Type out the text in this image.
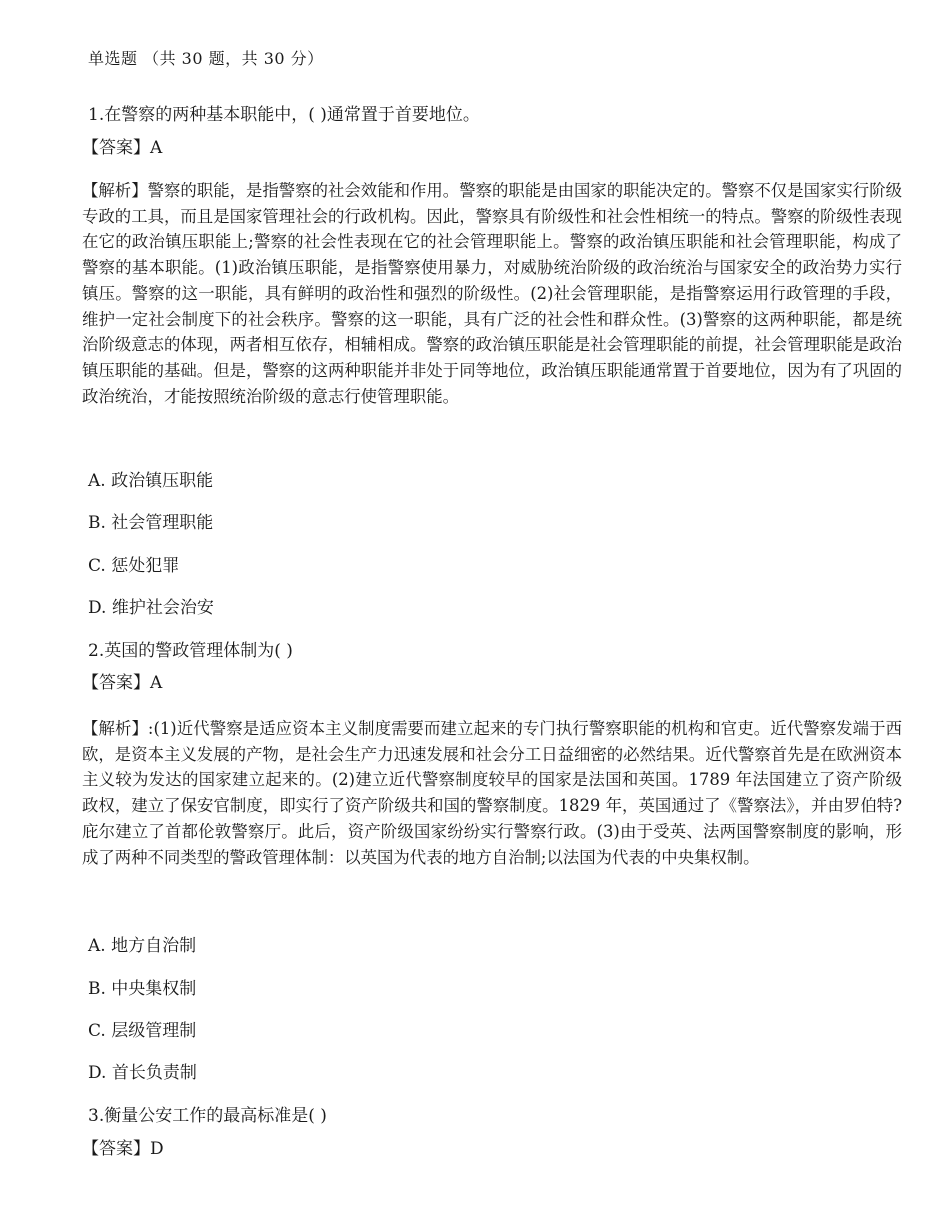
单选题 （共 30 题，共 30 分）

1.在警察的两种基本职能中，( )通常置于首要地位。

【答案】A
【解析】警察的职能，是指警察的社会效能和作用。警察的职能是由国家的职能决定的。警察不仅是国家实行阶级专政的工具，而且是国家管理社会的行政机构。因此，警察具有阶级性和社会性相统一的特点。警察的阶级性表现在它的政治镇压职能上;警察的社会性表现在它的社会管理职能上。警察的政治镇压职能和社会管理职能，构成了警察的基本职能。(1)政治镇压职能，是指警察使用暴力，对威胁统治阶级的政治统治与国家安全的政治势力实行镇压。警察的这一职能，具有鲜明的政治性和强烈的阶级性。(2)社会管理职能，是指警察运用行政管理的手段，维护一定社会制度下的社会秩序。警察的这一职能，具有广泛的社会性和群众性。(3)警察的这两种职能，都是统治阶级意志的体现，两者相互依存，相辅相成。警察的政治镇压职能是社会管理职能的前提，社会管理职能是政治镇压职能的基础。但是，警察的这两种职能并非处于同等地位，政治镇压职能通常置于首要地位，因为有了巩固的政治统治，才能按照统治阶级的意志行使管理职能。
A. 政治镇压职能
B. 社会管理职能
C. 惩处犯罪
D. 维护社会治安

2.英国的警政管理体制为( )

【答案】A
【解析】:(1)近代警察是适应资本主义制度需要而建立起来的专门执行警察职能的机构和官吏。近代警察发端于西欧，是资本主义发展的产物，是社会生产力迅速发展和社会分工日益细密的必然结果。近代警察首先是在欧洲资本主义较为发达的国家建立起来的。(2)建立近代警察制度较早的国家是法国和英国。1789 年法国建立了资产阶级政权，建立了保安官制度，即实行了资产阶级共和国的警察制度。1829 年，英国通过了《警察法》，并由罗伯特?庇尔建立了首都伦敦警察厅。此后，资产阶级国家纷纷实行警察行政。(3)由于受英、法两国警察制度的影响，形成了两种不同类型的警政管理体制：以英国为代表的地方自治制;以法国为代表的中央集权制。
A. 地方自治制
B. 中央集权制
C. 层级管理制
D. 首长负责制

3.衡量公安工作的最高标准是( )

【答案】D
